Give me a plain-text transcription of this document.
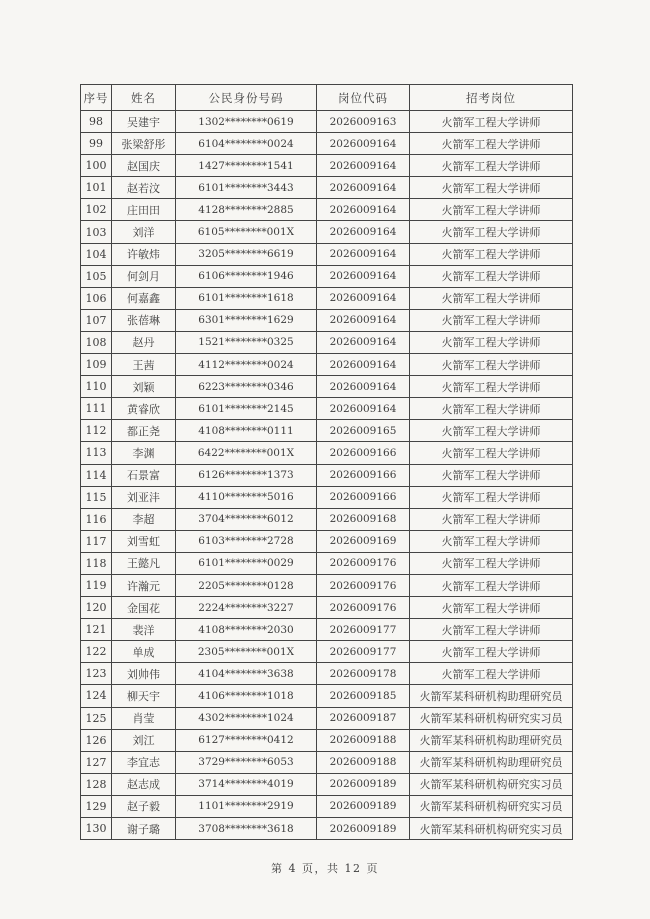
序号	姓名	公民身份号码	岗位代码	招考岗位
98	吴建宇	1302********0619	2026009163	火箭军工程大学讲师
99	张梁舒彤	6104********0024	2026009164	火箭军工程大学讲师
100	赵国庆	1427********1541	2026009164	火箭军工程大学讲师
101	赵若汶	6101********3443	2026009164	火箭军工程大学讲师
102	庄田田	4128********2885	2026009164	火箭军工程大学讲师
103	刘洋	6105********001X	2026009164	火箭军工程大学讲师
104	许敏炜	3205********6619	2026009164	火箭军工程大学讲师
105	何剑月	6106********1946	2026009164	火箭军工程大学讲师
106	何嘉鑫	6101********1618	2026009164	火箭军工程大学讲师
107	张蓓琳	6301********1629	2026009164	火箭军工程大学讲师
108	赵丹	1521********0325	2026009164	火箭军工程大学讲师
109	王茜	4112********0024	2026009164	火箭军工程大学讲师
110	刘颖	6223********0346	2026009164	火箭军工程大学讲师
111	黄睿欣	6101********2145	2026009164	火箭军工程大学讲师
112	都正尧	4108********0111	2026009165	火箭军工程大学讲师
113	李渊	6422********001X	2026009166	火箭军工程大学讲师
114	石景富	6126********1373	2026009166	火箭军工程大学讲师
115	刘亚沣	4110********5016	2026009166	火箭军工程大学讲师
116	李超	3704********6012	2026009168	火箭军工程大学讲师
117	刘雪虹	6103********2728	2026009169	火箭军工程大学讲师
118	王懿凡	6101********0029	2026009176	火箭军工程大学讲师
119	许瀚元	2205********0128	2026009176	火箭军工程大学讲师
120	金国花	2224********3227	2026009176	火箭军工程大学讲师
121	裴洋	4108********2030	2026009177	火箭军工程大学讲师
122	单成	2305********001X	2026009177	火箭军工程大学讲师
123	刘帅伟	4104********3638	2026009178	火箭军工程大学讲师
124	柳天宇	4106********1018	2026009185	火箭军某科研机构助理研究员
125	肖莹	4302********1024	2026009187	火箭军某科研机构研究实习员
126	刘江	6127********0412	2026009188	火箭军某科研机构助理研究员
127	李宜志	3729********6053	2026009188	火箭军某科研机构助理研究员
128	赵志成	3714********4019	2026009189	火箭军某科研机构研究实习员
129	赵子毅	1101********2919	2026009189	火箭军某科研机构研究实习员
130	谢子璐	3708********3618	2026009189	火箭军某科研机构研究实习员
第 4 页，共 12 页
